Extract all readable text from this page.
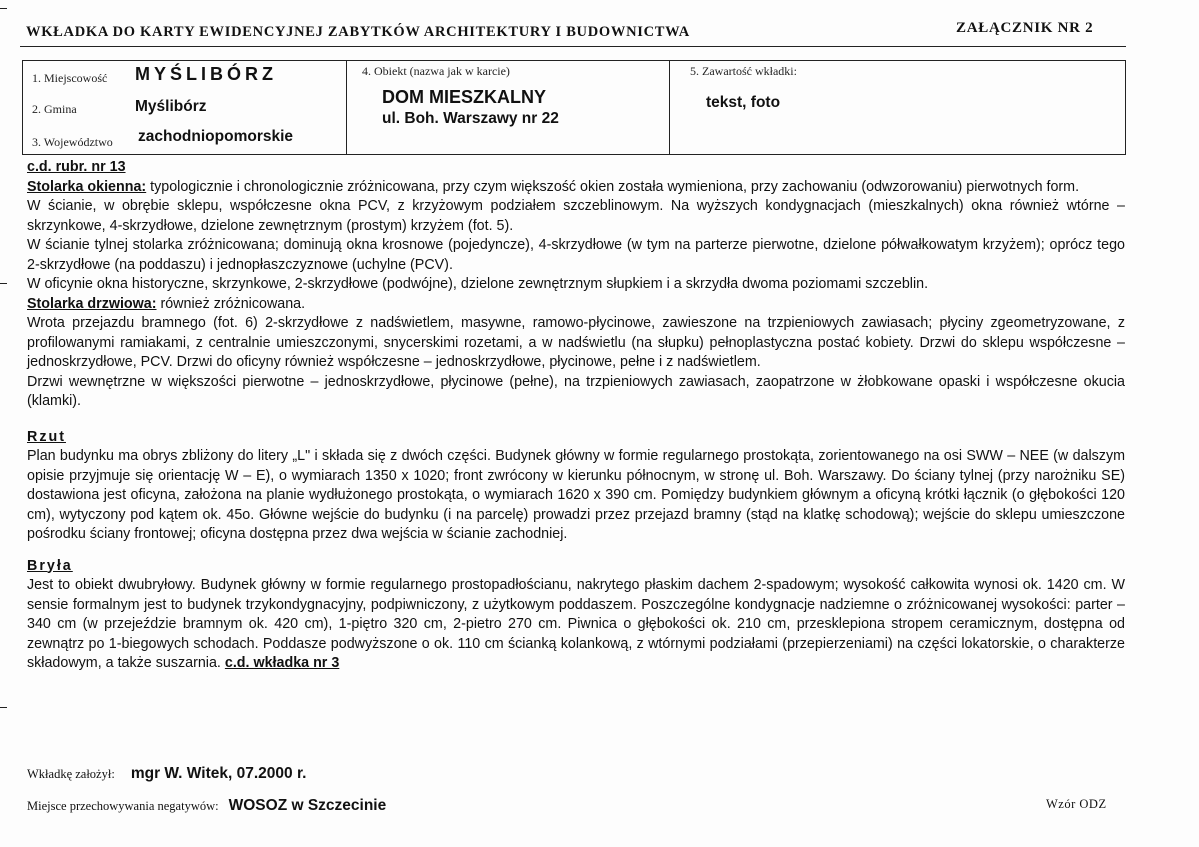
WKŁADKA DO KARTY EWIDENCYJNEJ ZABYTKÓW ARCHITEKTURY I BUDOWNICTWA	ZAŁĄCZNIK NR 2
1. Miejscowość MYŚLIBÓRZ
2. Gmina	Myślibórz
3. Województwo zachodniopomorskie
4. Obiekt (nazwa jak w karcie)
DOM MIESZKALNY
ul. Boh. Warszawy nr 22
5. Zawartość wkładki:
tekst, foto

c.d. rubr. nr 13

Stolarka okienna: typologicznie i chronologicznie zróżnicowana, przy czym większość okien została wymieniona, przy zachowaniu (odwzorowaniu) pierwotnych form.

W ścianie, w obrębie sklepu, współczesne okna PCV, z krzyżowym podziałem szczeblinowym. Na wyższych kondygnacjach (mieszkalnych) okna również wtórne – skrzynkowe, 4-skrzydłowe, dzielone zewnętrznym (prostym) krzyżem (fot. 5).

W ścianie tylnej stolarka zróżnicowana; dominują okna krosnowe (pojedyncze), 4-skrzydłowe (w tym na parterze pierwotne, dzielone półwałkowatym krzyżem); oprócz tego 2-skrzydłowe (na poddaszu) i jednopłaszczyznowe (uchylne (PCV).

W oficynie okna historyczne, skrzynkowe, 2-skrzydłowe (podwójne), dzielone zewnętrznym słupkiem i a skrzydła dwoma poziomami szczeblin.

Stolarka drzwiowa: również zróżnicowana.

Wrota przejazdu bramnego (fot. 6) 2-skrzydłowe z nadświetlem, masywne, ramowo-płycinowe, zawieszone na trzpieniowych zawiasach; płyciny zgeometryzowane, z profilowanymi ramiakami, z centralnie umieszczonymi, snycerskimi rozetami, a w nadświetlu (na słupku) pełnoplastyczna postać kobiety. Drzwi do sklepu współczesne – jednoskrzydłowe, PCV. Drzwi do oficyny również współczesne – jednoskrzydłowe, płycinowe, pełne i z nadświetlem.

Drzwi wewnętrzne w większości pierwotne – jednoskrzydłowe, płycinowe (pełne), na trzpieniowych zawiasach, zaopatrzone w żłobkowane opaski i współczesne okucia (klamki).

Rzut

Plan budynku ma obrys zbliżony do litery „L" i składa się z dwóch części. Budynek główny w formie regularnego prostokąta, zorientowanego na osi SWW – NEE (w dalszym opisie przyjmuje się orientację W – E), o wymiarach 1350 x 1020; front zwrócony w kierunku północnym, w stronę ul. Boh. Warszawy. Do ściany tylnej (przy narożniku SE) dostawiona jest oficyna, założona na planie wydłużonego prostokąta, o wymiarach 1620 x 390 cm. Pomiędzy budynkiem głównym a oficyną krótki łącznik (o głębokości 120 cm), wytyczony pod kątem ok. 45o. Główne wejście do budynku (i na parcelę) prowadzi przez przejazd bramny (stąd na klatkę schodową); wejście do sklepu umieszczone pośrodku ściany frontowej; oficyna dostępna przez dwa wejścia w ścianie zachodniej.

Bryła

Jest to obiekt dwubryłowy. Budynek główny w formie regularnego prostopadłościanu, nakrytego płaskim dachem 2-spadowym; wysokość całkowita wynosi ok. 1420 cm. W sensie formalnym jest to budynek trzykondygnacyjny, podpiwniczony, z użytkowym poddaszem. Poszczególne kondygnacje nadziemne o zróżnicowanej wysokości: parter – 340 cm (w przejeździe bramnym ok. 420 cm), 1-piętro 320 cm, 2-pietro 270 cm. Piwnica o głębokości ok. 210 cm, przesklepiona stropem ceramicznym, dostępna od zewnątrz po 1-biegowych schodach. Poddasze podwyższone o ok. 110 cm ścianką kolankową, z wtórnymi podziałami (przepierzeniami) na części lokatorskie, o charakterze składowym, a także suszarnia. c.d. wkładka nr 3

Wkładkę założył: mgr W. Witek, 07.2000 r.
Miejsce przechowywania negatywów: WOSOZ w Szczecinie	Wzór ODZ
